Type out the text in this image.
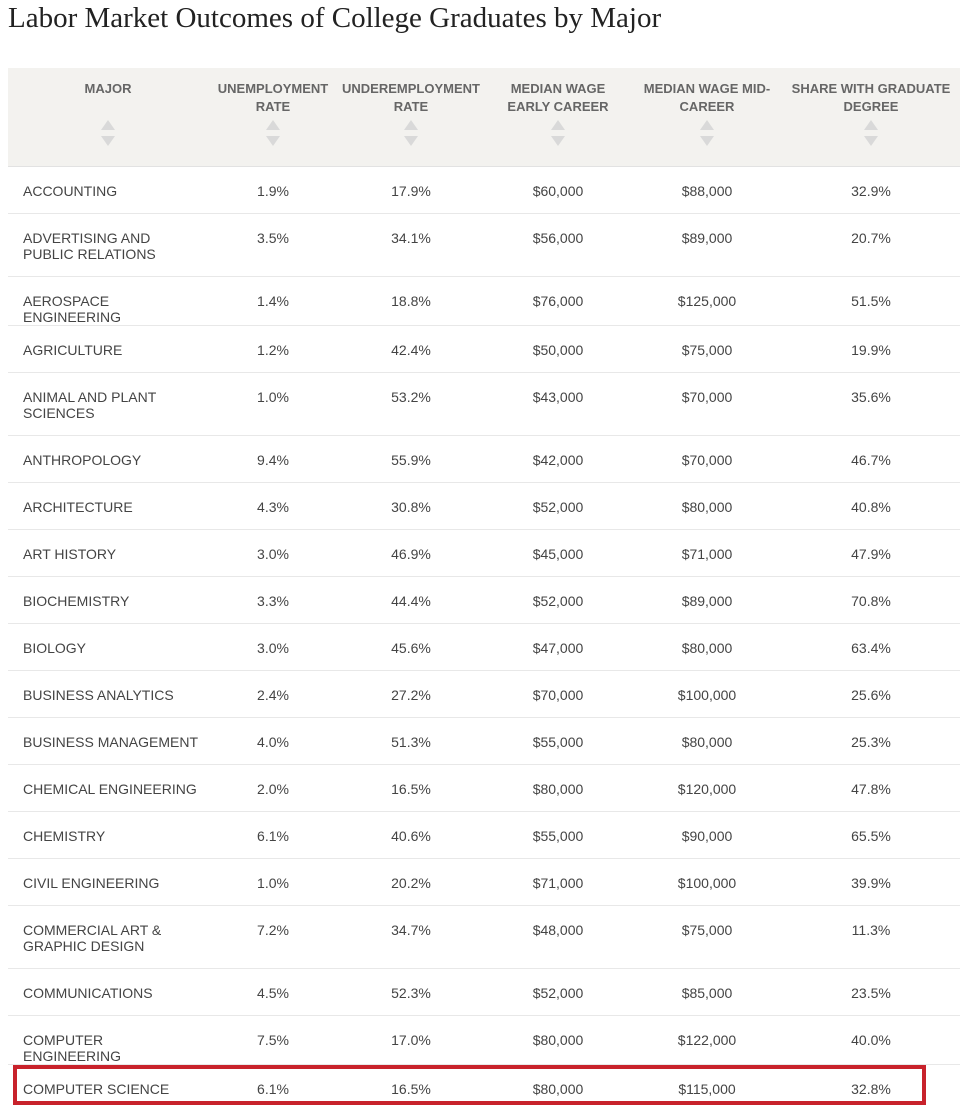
Labor Market Outcomes of College Graduates by Major
MAJOR	UNEMPLOYMENT RATE	UNDEREMPLOYMENT RATE	MEDIAN WAGE EARLY CAREER	MEDIAN WAGE MID-CAREER	SHARE WITH GRADUATE DEGREE

ACCOUNTING	1.9%	17.9%	$60,000	$88,000	32.9%
ADVERTISING AND PUBLIC RELATIONS	3.5%	34.1%	$56,000	$89,000	20.7%
AEROSPACE ENGINEERING	1.4%	18.8%	$76,000	$125,000	51.5%
AGRICULTURE	1.2%	42.4%	$50,000	$75,000	19.9%
ANIMAL AND PLANT SCIENCES	1.0%	53.2%	$43,000	$70,000	35.6%
ANTHROPOLOGY	9.4%	55.9%	$42,000	$70,000	46.7%
ARCHITECTURE	4.3%	30.8%	$52,000	$80,000	40.8%
ART HISTORY	3.0%	46.9%	$45,000	$71,000	47.9%
BIOCHEMISTRY	3.3%	44.4%	$52,000	$89,000	70.8%
BIOLOGY	3.0%	45.6%	$47,000	$80,000	63.4%
BUSINESS ANALYTICS	2.4%	27.2%	$70,000	$100,000	25.6%
BUSINESS MANAGEMENT	4.0%	51.3%	$55,000	$80,000	25.3%
CHEMICAL ENGINEERING	2.0%	16.5%	$80,000	$120,000	47.8%
CHEMISTRY	6.1%	40.6%	$55,000	$90,000	65.5%
CIVIL ENGINEERING	1.0%	20.2%	$71,000	$100,000	39.9%
COMMERCIAL ART & GRAPHIC DESIGN	7.2%	34.7%	$48,000	$75,000	11.3%
COMMUNICATIONS	4.5%	52.3%	$52,000	$85,000	23.5%
COMPUTER ENGINEERING	7.5%	17.0%	$80,000	$122,000	40.0%
COMPUTER SCIENCE	6.1%	16.5%	$80,000	$115,000	32.8%
